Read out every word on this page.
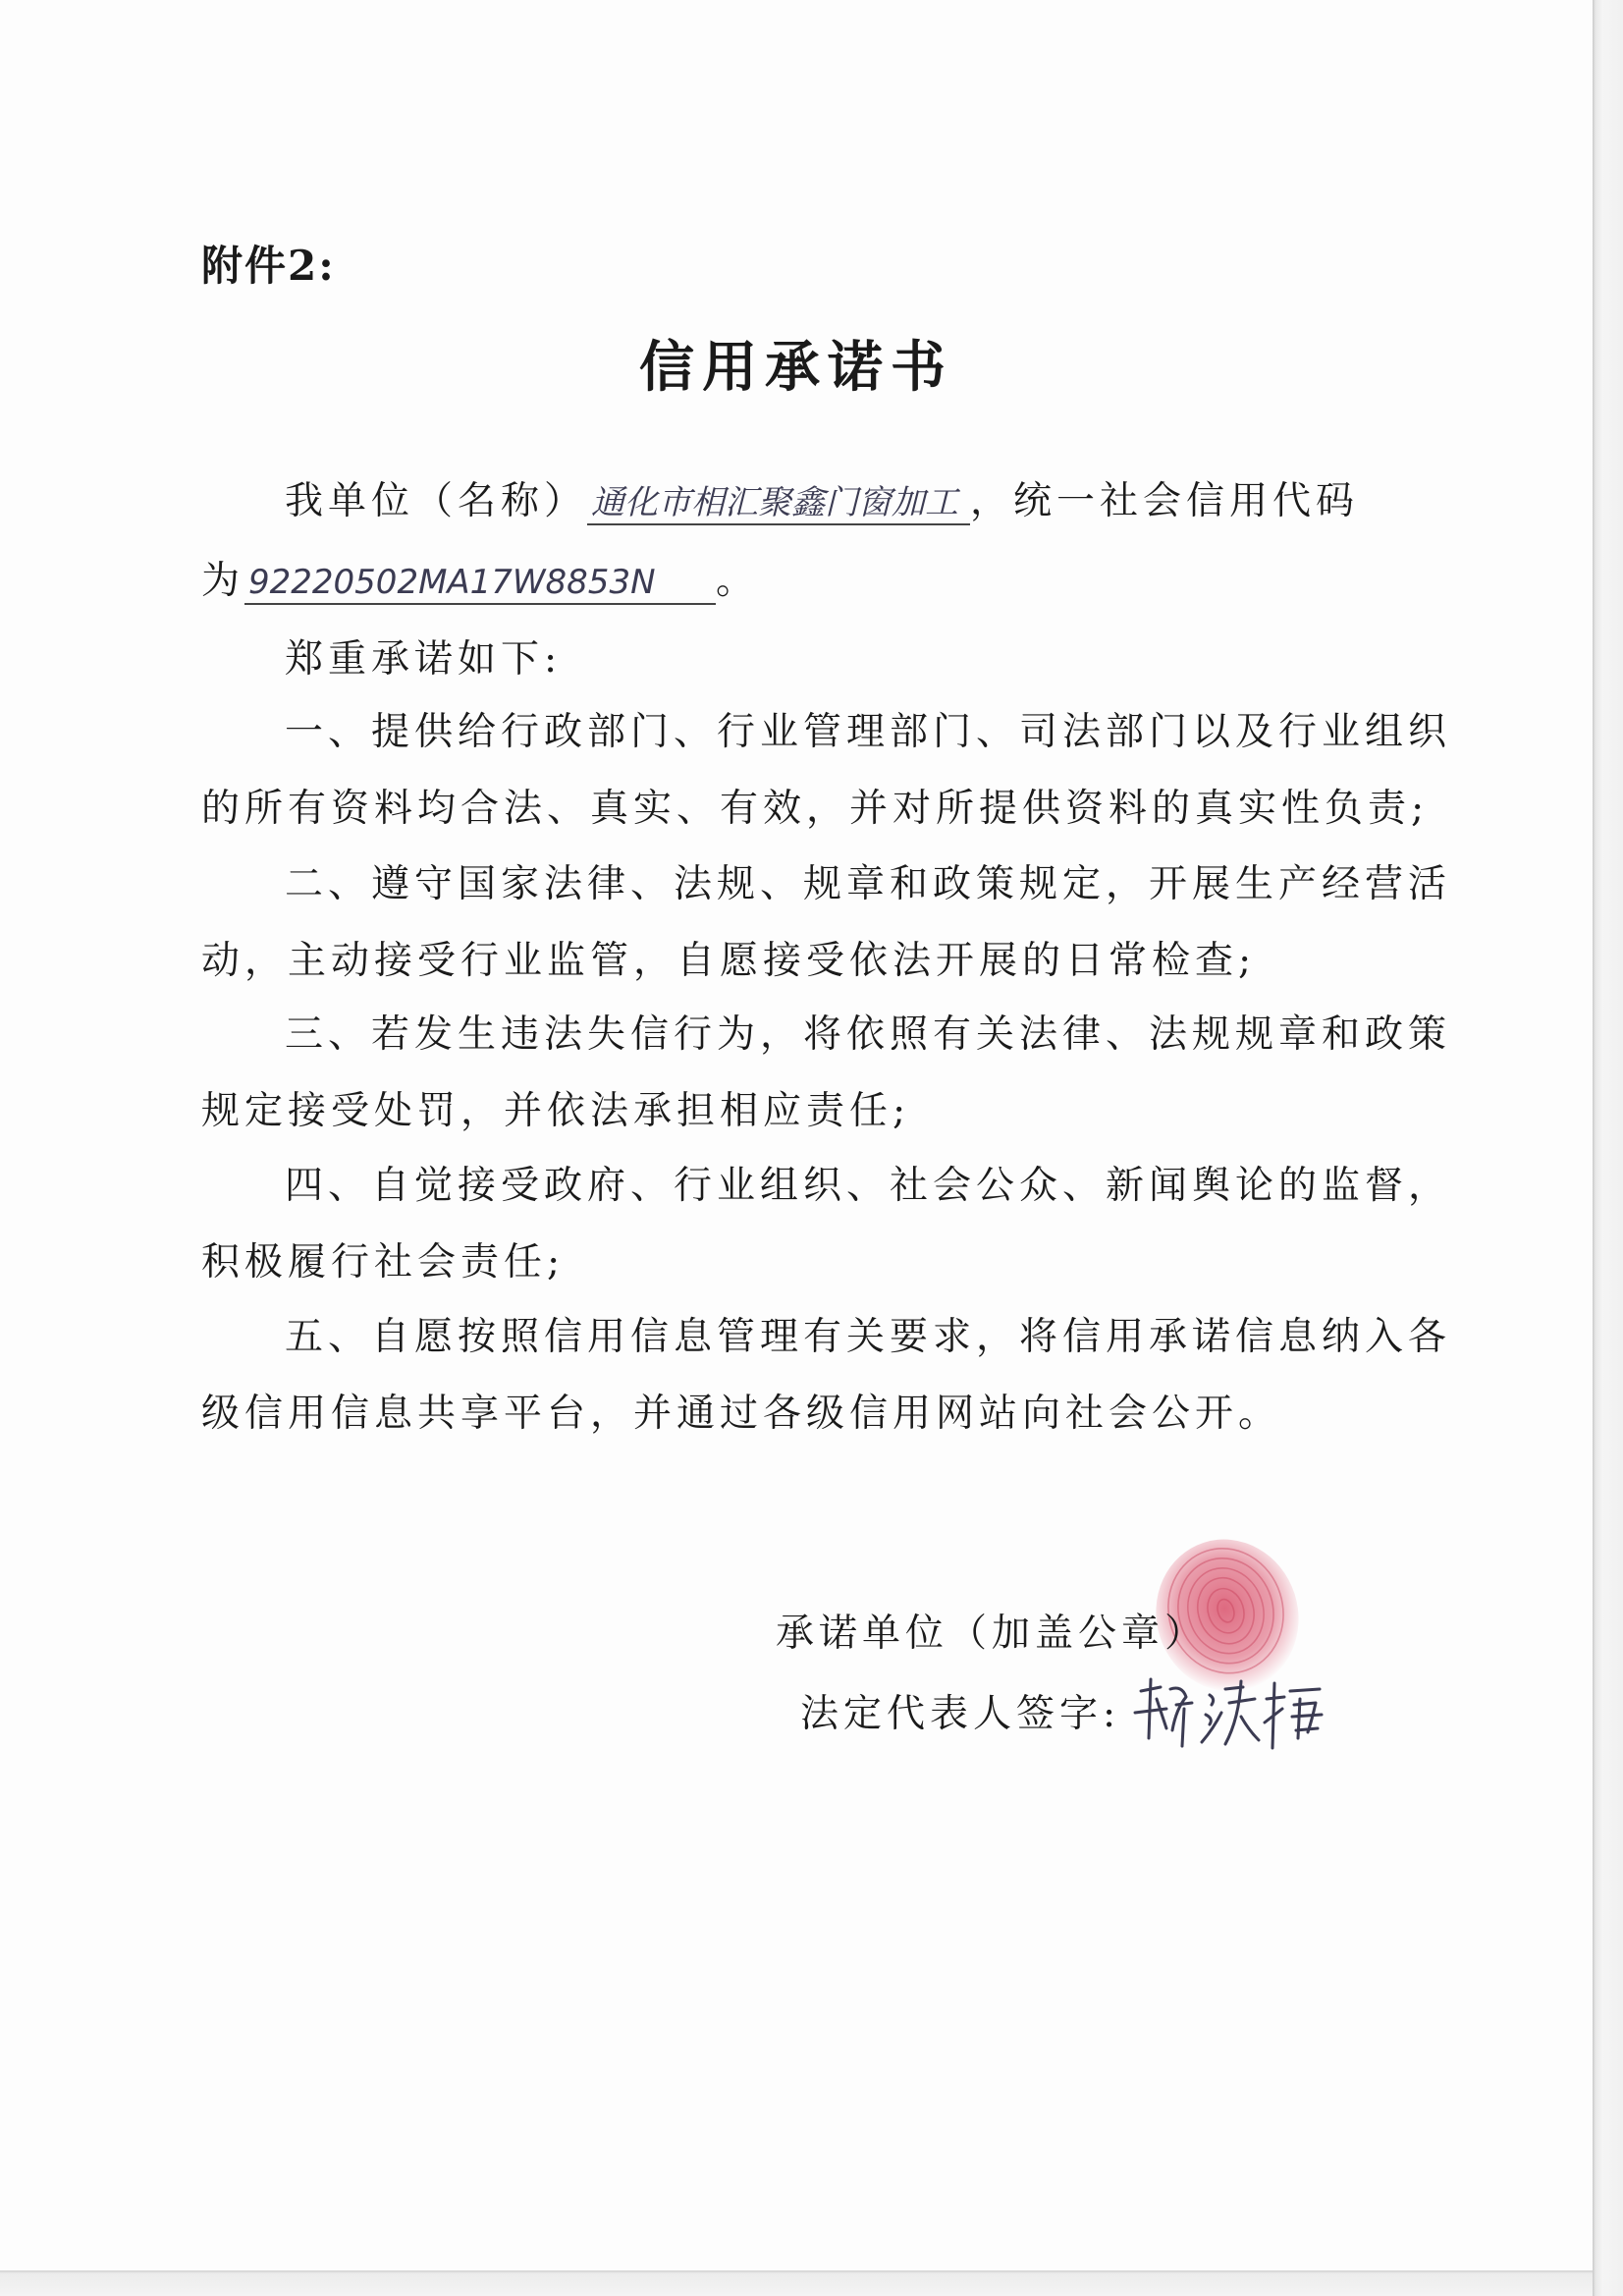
附件2:
信用承诺书
我单位（名称） 通化市相汇聚鑫门窗加工 ，统一社会信用代码
为 92220502MA17W8853N 。
郑重承诺如下:
一、提供给行政部门、行业管理部门、司法部门以及行业组织
的所有资料均合法、真实、有效，并对所提供资料的真实性负责;
二、遵守国家法律、法规、规章和政策规定，开展生产经营活
动，主动接受行业监管，自愿接受依法开展的日常检查;
三、若发生违法失信行为，将依照有关法律、法规规章和政策
规定接受处罚，并依法承担相应责任;
四、自觉接受政府、行业组织、社会公众、新闻舆论的监督，
积极履行社会责任;
五、自愿按照信用信息管理有关要求，将信用承诺信息纳入各
级信用信息共享平台，并通过各级信用网站向社会公开。
承诺单位（加盖公章）
法定代表人签字:
